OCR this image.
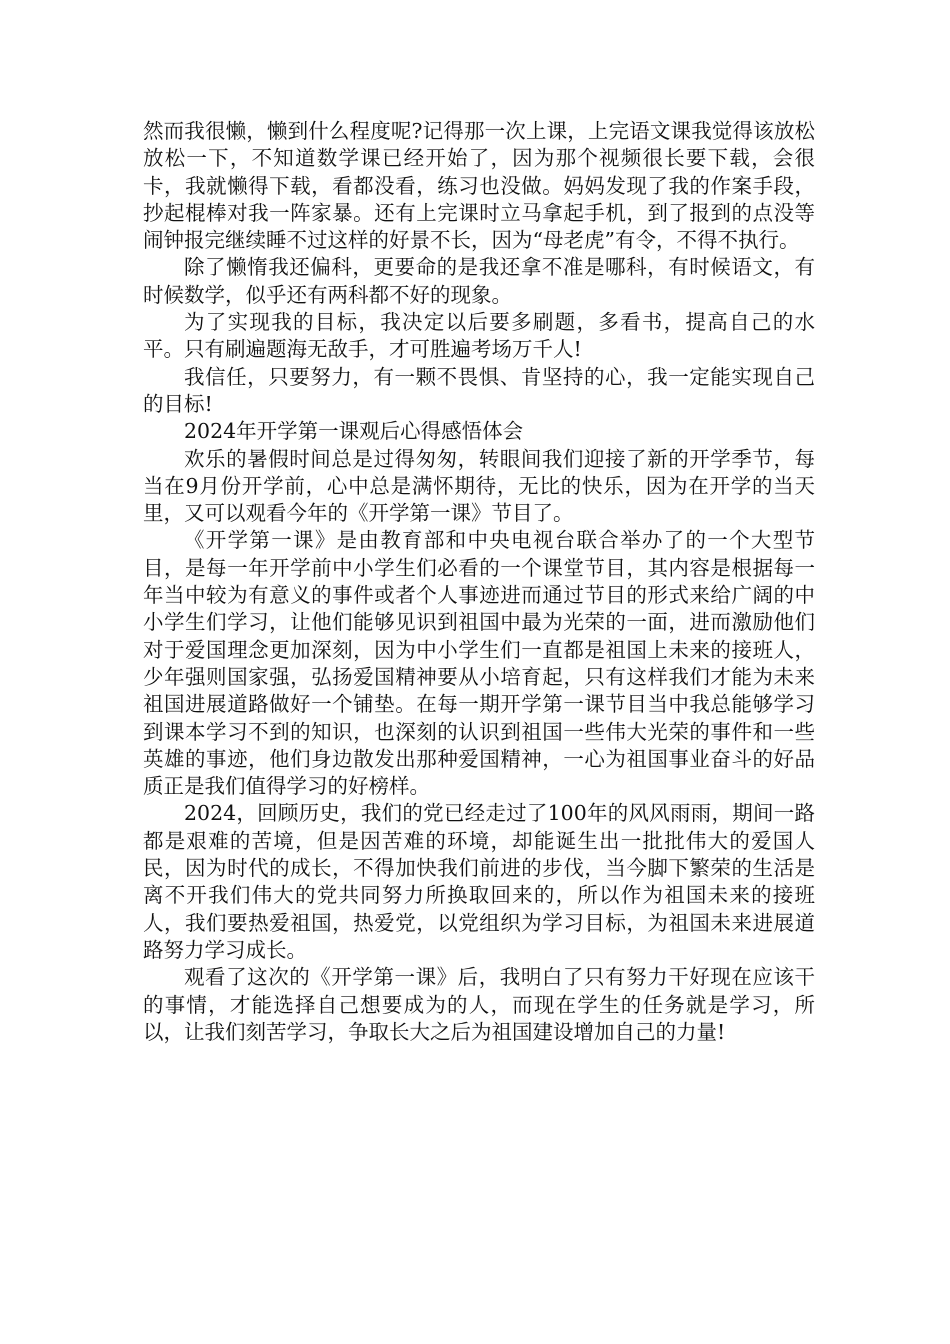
然而我很懒，懒到什么程度呢?记得那一次上课，上完语文课我觉得该放松放松一下，不知道数学课已经开始了，因为那个视频很长要下载，会很卡，我就懒得下载，看都没看，练习也没做。妈妈发现了我的作案手段，抄起棍棒对我一阵家暴。还有上完课时立马拿起手机，到了报到的点没等闹钟报完继续睡不过这样的好景不长，因为“母老虎”有令，不得不执行。

除了懒惰我还偏科，更要命的是我还拿不准是哪科，有时候语文，有时候数学，似乎还有两科都不好的现象。

为了实现我的目标，我决定以后要多刷题，多看书，提高自己的水平。只有刷遍题海无敌手，才可胜遍考场万千人!

我信任，只要努力，有一颗不畏惧、肯坚持的心，我一定能实现自己的目标!

2024年开学第一课观后心得感悟体会

欢乐的暑假时间总是过得匆匆，转眼间我们迎接了新的开学季节，每当在9月份开学前，心中总是满怀期待，无比的快乐，因为在开学的当天里，又可以观看今年的《开学第一课》节目了。

《开学第一课》是由教育部和中央电视台联合举办了的一个大型节目，是每一年开学前中小学生们必看的一个课堂节目，其内容是根据每一年当中较为有意义的事件或者个人事迹进而通过节目的形式来给广阔的中小学生们学习，让他们能够见识到祖国中最为光荣的一面，进而激励他们对于爱国理念更加深刻，因为中小学生们一直都是祖国上未来的接班人，少年强则国家强，弘扬爱国精神要从小培育起，只有这样我们才能为未来祖国进展道路做好一个铺垫。在每一期开学第一课节目当中我总能够学习到课本学习不到的知识，也深刻的认识到祖国一些伟大光荣的事件和一些英雄的事迹，他们身边散发出那种爱国精神，一心为祖国事业奋斗的好品质正是我们值得学习的好榜样。

2024，回顾历史，我们的党已经走过了100年的风风雨雨，期间一路都是艰难的苦境，但是因苦难的环境，却能诞生出一批批伟大的爱国人民，因为时代的成长，不得加快我们前进的步伐，当今脚下繁荣的生活是离不开我们伟大的党共同努力所换取回来的，所以作为祖国未来的接班人，我们要热爱祖国，热爱党，以党组织为学习目标，为祖国未来进展道路努力学习成长。

观看了这次的《开学第一课》后，我明白了只有努力干好现在应该干的事情，才能选择自己想要成为的人，而现在学生的任务就是学习，所以，让我们刻苦学习，争取长大之后为祖国建设增加自己的力量!
